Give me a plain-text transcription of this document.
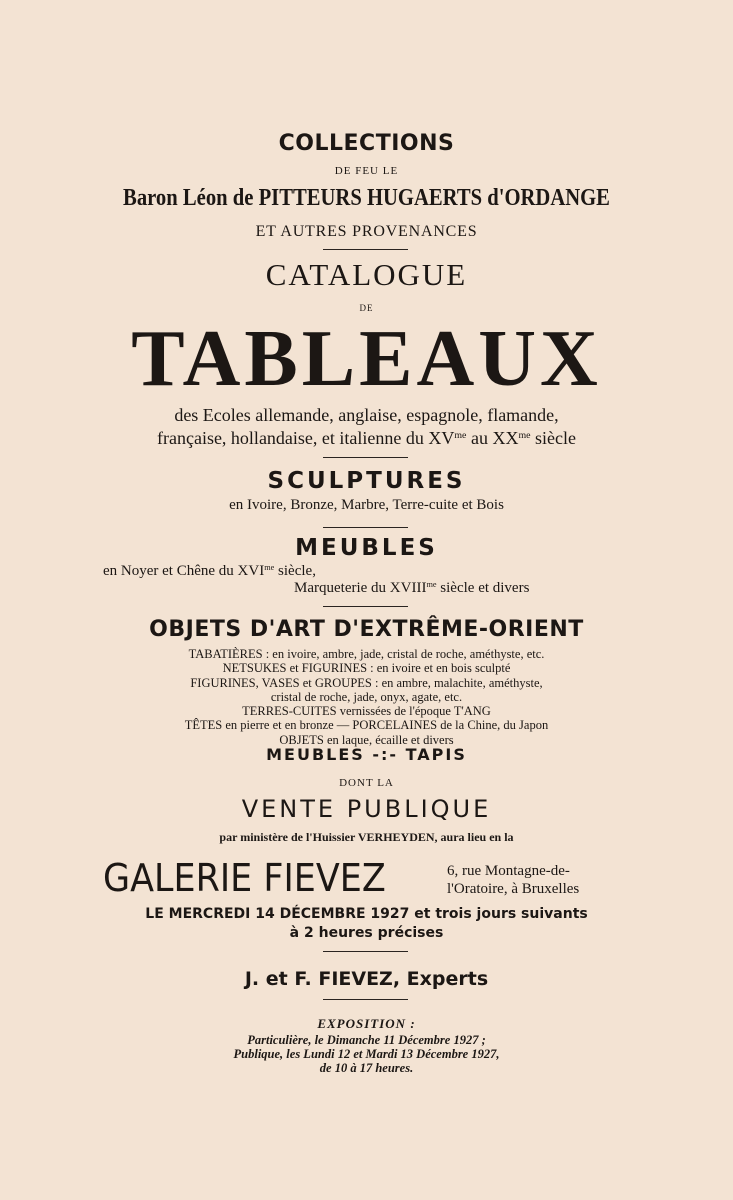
COLLECTIONS
DE FEU LE
Baron Léon de PITTEURS HUGAERTS d'ORDANGE
ET AUTRES PROVENANCES
CATALOGUE
DE
TABLEAUX
des Ecoles allemande, anglaise, espagnole, flamande,
française, hollandaise, et italienne du $XV^{me}$ au $XX^{me}$ siècle
SCULPTURES
en Ivoire, Bronze, Marbre, Terre-cuite et Bois
MEUBLES
en Noyer et Chêne du $XVI^{me}$ siècle,
Marqueterie du $XVIII^{me}$ siècle et divers
OBJETS D'ART D'EXTRÊME-ORIENT
TABATIÈRES : en ivoire, ambre, jade, cristal de roche, améthyste, etc.
NETSUKES et FIGURINES : en ivoire et en bois sculpté
FIGURINES, VASES et GROUPES : en ambre, malachite, améthyste,
cristal de roche, jade, onyx, agate, etc.
TERRES-CUITES vernissées de l'époque T'ANG
TÊTES en pierre et en bronze — PORCELAINES de la Chine, du Japon
OBJETS en laque, écaille et divers
MEUBLES -:- TAPIS
DONT LA
VENTE PUBLIQUE
par ministère de l'Huissier VERHEYDEN, aura lieu en la
GALERIE FIEVEZ	6, rue Montagne-de-
l'Oratoire, à Bruxelles
LE MERCREDI 14 DÉCEMBRE 1927 et trois jours suivants
à 2 heures précises
J. et F. FIEVEZ, Experts
EXPOSITION :
Particulière, le Dimanche 11 Décembre 1927 ;
Publique, les Lundi 12 et Mardi 13 Décembre 1927,
de 10 à 17 heures.
